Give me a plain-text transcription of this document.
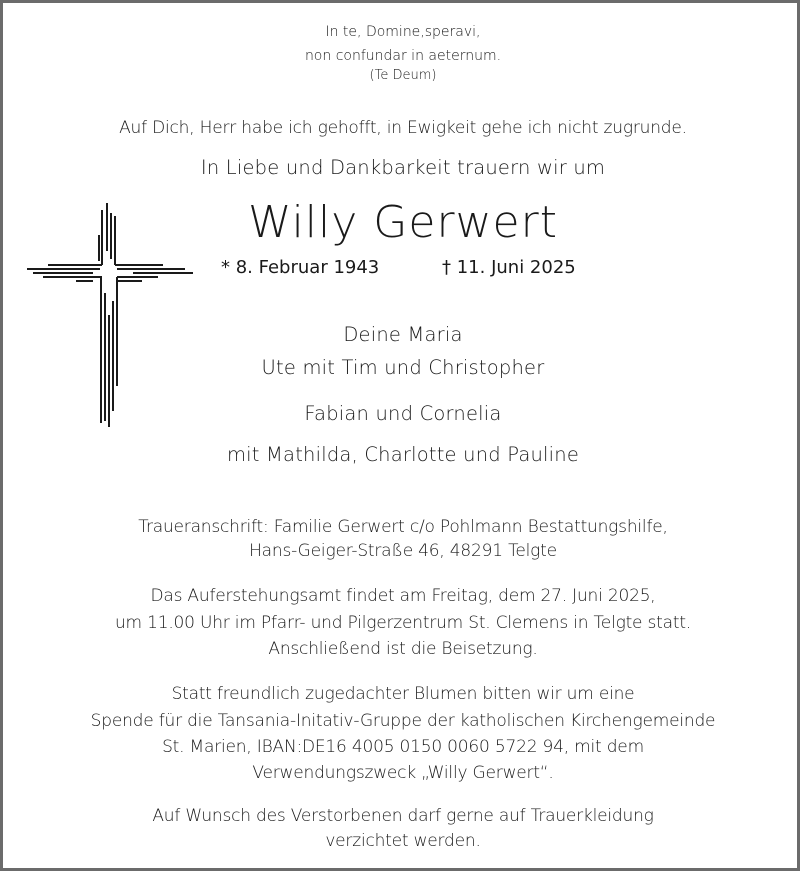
In te, Domine,speravi,
non confundar in aeternum.
(Te Deum)
Auf Dich, Herr habe ich gehofft, in Ewigkeit gehe ich nicht zugrunde.
In Liebe und Dankbarkeit trauern wir um
Willy Gerwert
* 8. Februar 1943	† 11. Juni 2025
Deine Maria
Ute mit Tim und Christopher
Fabian und Cornelia
mit Mathilda, Charlotte und Pauline
Traueranschrift: Familie Gerwert c/o Pohlmann Bestattungshilfe,
Hans-Geiger-Straße 46, 48291 Telgte
Das Auferstehungsamt findet am Freitag, dem 27. Juni 2025,
um 11.00 Uhr im Pfarr- und Pilgerzentrum St. Clemens in Telgte statt.
Anschließend ist die Beisetzung.
Statt freundlich zugedachter Blumen bitten wir um eine
Spende für die Tansania-Initativ-Gruppe der katholischen Kirchengemeinde
St. Marien, IBAN:DE16 4005 0150 0060 5722 94, mit dem
Verwendungszweck „Willy Gerwert“.
Auf Wunsch des Verstorbenen darf gerne auf Trauerkleidung
verzichtet werden.
